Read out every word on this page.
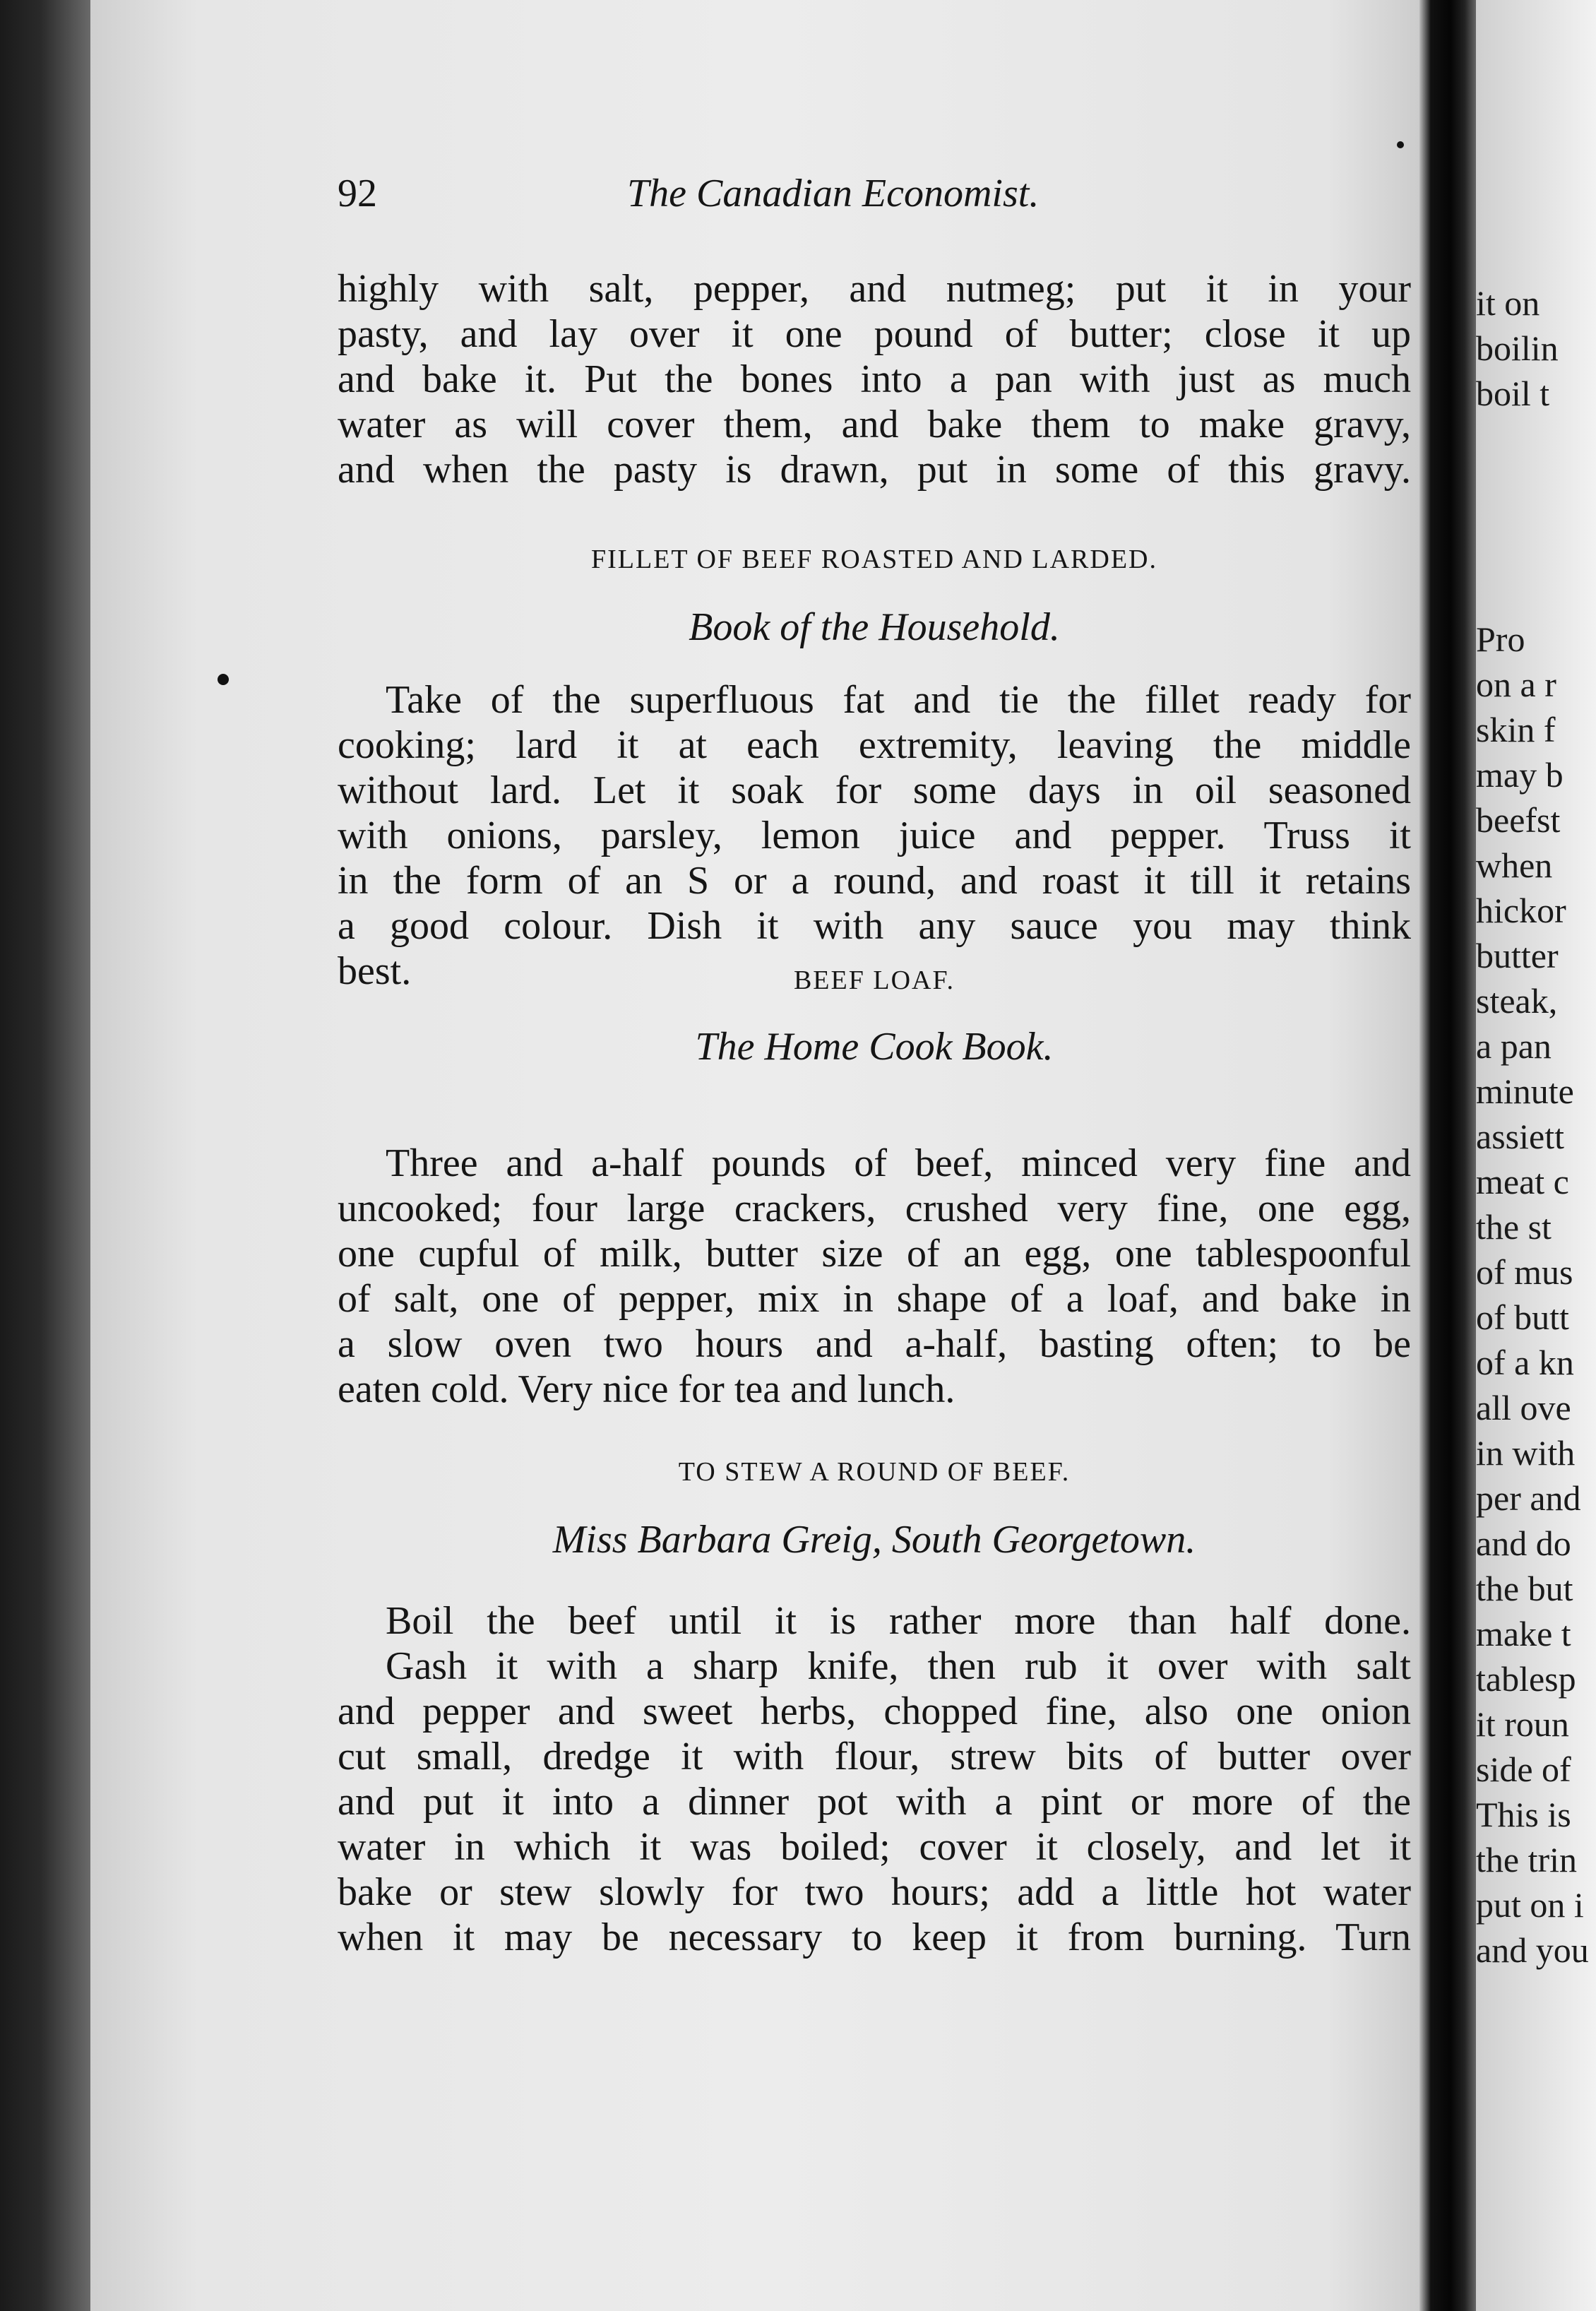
92	The Canadian Economist.
highly with salt, pepper, and nutmeg; put it in your
pasty, and lay over it one pound of butter; close it up
and bake it. Put the bones into a pan with just as much
water as will cover them, and bake them to make gravy,
and when the pasty is drawn, put in some of this gravy.
FILLET OF BEEF ROASTED AND LARDED.
Book of the Household.
Take of the superfluous fat and tie the fillet ready for
cooking; lard it at each extremity, leaving the middle
without lard. Let it soak for some days in oil seasoned
with onions, parsley, lemon juice and pepper. Truss it
in the form of an S or a round, and roast it till it retains
a good colour. Dish it with any sauce you may think
best.	BEEF LOAF.
The Home Cook Book.
Three and a-half pounds of beef, minced very fine and
uncooked; four large crackers, crushed very fine, one egg,
one cupful of milk, butter size of an egg, one tablespoonful
of salt, one of pepper, mix in shape of a loaf, and bake in
a slow oven two hours and a-half, basting often; to be
eaten cold. Very nice for tea and lunch.
TO STEW A ROUND OF BEEF.
Miss Barbara Greig, South Georgetown.
Boil the beef until it is rather more than half done.
Gash it with a sharp knife, then rub it over with salt
and pepper and sweet herbs, chopped fine, also one onion
cut small, dredge it with flour, strew bits of butter over
and put it into a dinner pot with a pint or more of the
water in which it was boiled; cover it closely, and let it
bake or stew slowly for two hours; add a little hot water
when it may be necessary to keep it from burning. Turn
it on
boilin
boil t
Pro
on a r
skin f
may b
beefst
when
hickor
butter
steak,
a pan
minute
assiett
meat c
the st
of mus
of butt
of a kn
all ove
in with
per and
and do
the but
make t
tablesp
it roun
side of
This is
the trin
put on i
and you
